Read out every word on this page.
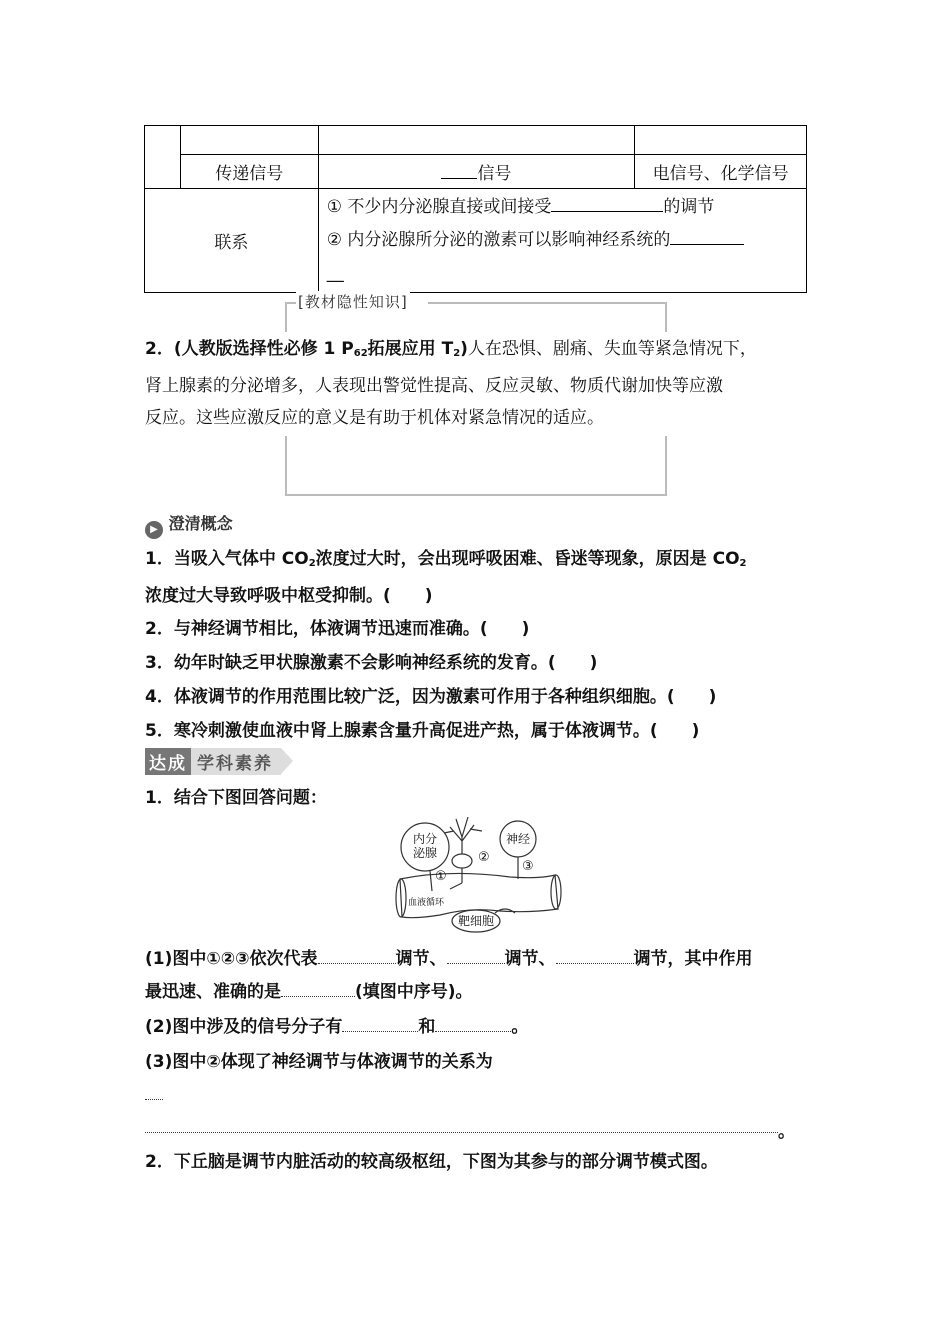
	传递信号	信号	电信号、化学信号
联系		① 不少内分泌腺直接或间接受 的调节
② 内分泌腺所分泌的激素可以影响神经系统的
__	
[教材隐性知识]
2．(人教版选择性必修 1 $P_{62}$拓展应用 $T_2$)人在恐惧、剧痛、失血等紧急情况下，
肾上腺素的分泌增多，人表现出警觉性提高、反应灵敏、物质代谢加快等应激
反应。这些应激反应的意义是有助于机体对紧急情况的适应。
▶ 澄清概念
1．当吸入气体中 $CO_2$浓度过大时，会出现呼吸困难、昏迷等现象，原因是 $CO_2$
浓度过大导致呼吸中枢受抑制。(　　)
2．与神经调节相比，体液调节迅速而准确。(　　)
3．幼年时缺乏甲状腺激素不会影响神经系统的发育。(　　)
4．体液调节的作用范围比较广泛，因为激素可作用于各种组织细胞。(　　)
5．寒冷刺激使血液中肾上腺素含量升高促进产热，属于体液调节。(　　)
达成 学科素养
1．结合下图回答问题：
内分
泌腺
神经
①
②
③
血液循环
靶细胞
(1)图中①②③依次代表	调节、	调节、	调节，其中作用
最迅速、准确的是	(填图中序号)。
(2)图中涉及的信号分子有	和	。
(3)图中②体现了神经调节与体液调节的关系为
。
2．下丘脑是调节内脏活动的较高级枢纽，下图为其参与的部分调节模式图。
